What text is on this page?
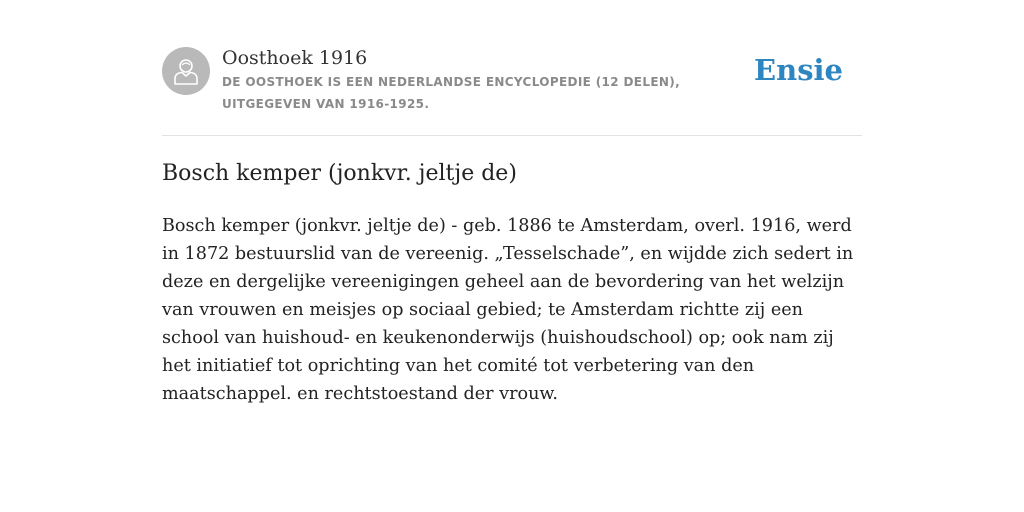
Oosthoek 1916
DE OOSTHOEK IS EEN NEDERLANDSE ENCYCLOPEDIE (12 DELEN), UITGEGEVEN VAN 1916-1925.
Ensie
Bosch kemper (jonkvr. jeltje de)

Bosch kemper (jonkvr. jeltje de) - geb. 1886 te Amsterdam, overl. 1916, werd in 1872 bestuurslid van de vereenig. „Tesselschade”, en wijdde zich sedert in deze en dergelijke vereenigingen geheel aan de bevordering van het welzijn van vrouwen en meisjes op sociaal gebied; te Amsterdam richtte zij een school van huishoud- en keukenonderwijs (huishoudschool) op; ook nam zij het initiatief tot oprichting van het comité tot verbetering van den maatschappel. en rechtstoestand der vrouw.
